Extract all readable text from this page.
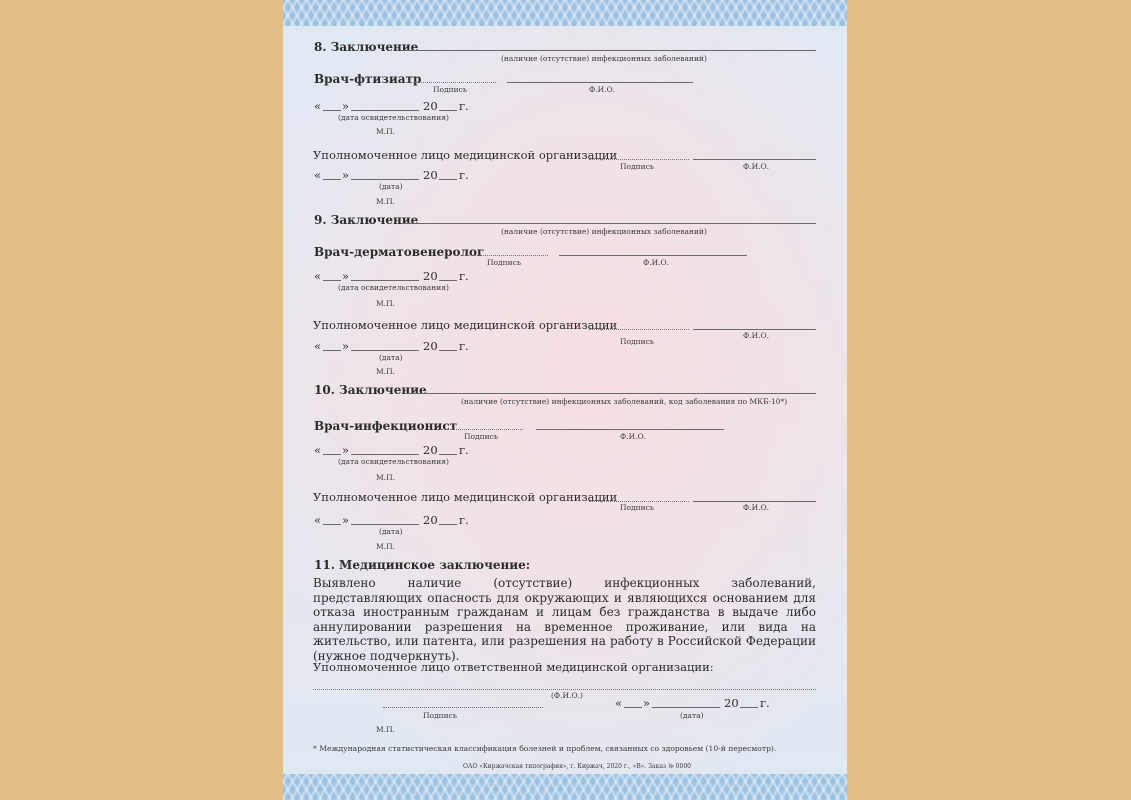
8. Заключение
(наличие (отсутствие) инфекционных заболеваний)
Врач-фтизиатр
Подпись	Ф.И.О.
« »	20 г.
(дата освидетельствования)
М.П.
Уполномоченное лицо медицинской организации
Подпись	Ф.И.О.
« »	20 г.
(дата)
М.П.
9. Заключение
(наличие (отсутствие) инфекционных заболеваний)
Врач-дерматовенеролог
Подпись	Ф.И.О.
« »	20 г.
(дата освидетельствования)
М.П.
Уполномоченное лицо медицинской организации
Подпись
Ф.И.О.
« »	20 г.
(дата)
М.П.
10. Заключение
(наличие (отсутствие) инфекционных заболеваний, код заболевания по МКБ-10*)
Врач-инфекционист
Подпись	Ф.И.О.
« »	20 г.
(дата освидетельствования)
М.П.
Уполномоченное лицо медицинской организации
Подпись	Ф.И.О.
« »	20 г.
(дата)
М.П.
11. Медицинское заключение:
Выявлено наличие (отсутствие) инфекционных заболеваний, представляющих опасность для окружающих и являющихся основанием для отказа иностранным гражданам и лицам без гражданства в выдаче либо аннулировании разрешения на временное проживание, или вида на жительство, или патента, или разрешения на работу в Российской Федерации (нужное подчеркнуть).
Уполномоченное лицо ответственной медицинской организации:
(Ф.И.О.)
Подпись
М.П.
« »	20 г.
(дата)
* Международная статистическая классификация болезней и проблем, связанных со здоровьем (10-й пересмотр).
ОАО «Киржачская типография», г. Киржач, 2020 г., «В». Заказ № 0000
